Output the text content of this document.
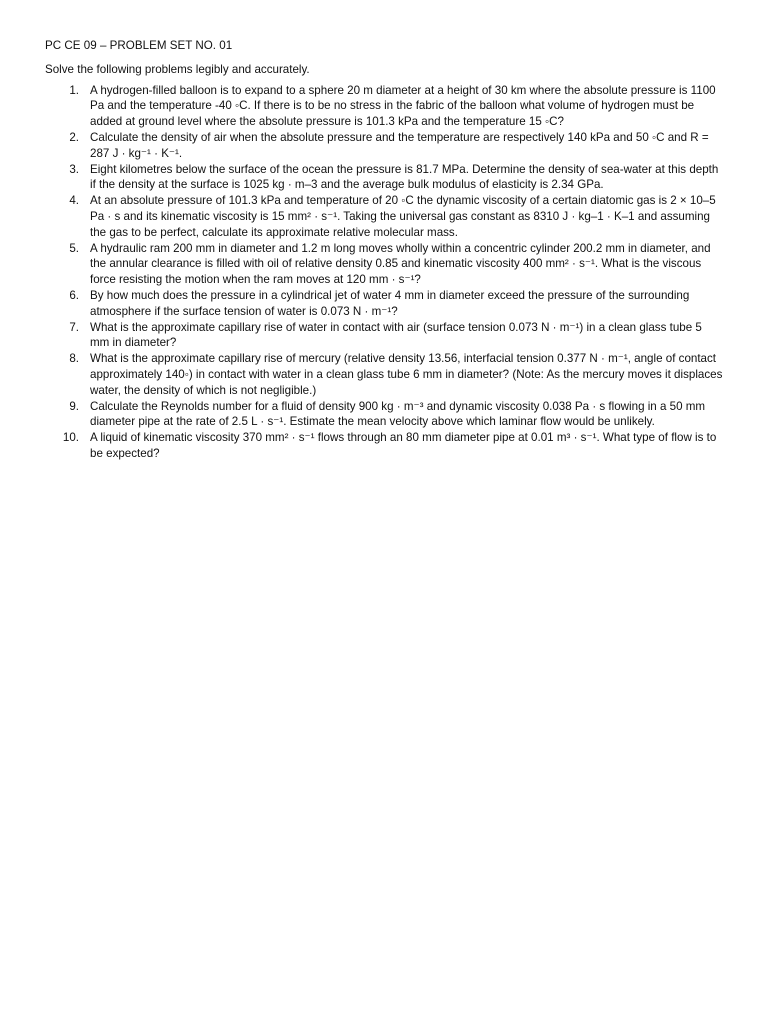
PC CE 09 – PROBLEM SET NO. 01

Solve the following problems legibly and accurately.

1. A hydrogen-filled balloon is to expand to a sphere 20 m diameter at a height of 30 km where the absolute pressure is 1100 Pa and the temperature -40 ◦C. If there is to be no stress in the fabric of the balloon what volume of hydrogen must be added at ground level where the absolute pressure is 101.3 kPa and the temperature 15 ◦C?
2. Calculate the density of air when the absolute pressure and the temperature are respectively 140 kPa and 50 ◦C and R = 287 J · kg⁻¹ · K⁻¹.
3. Eight kilometres below the surface of the ocean the pressure is 81.7 MPa. Determine the density of sea-water at this depth if the density at the surface is 1025 kg · m–3 and the average bulk modulus of elasticity is 2.34 GPa.
4. At an absolute pressure of 101.3 kPa and temperature of 20 ◦C the dynamic viscosity of a certain diatomic gas is 2 × 10–5 Pa · s and its kinematic viscosity is 15 mm² · s⁻¹. Taking the universal gas constant as 8310 J · kg–1 · K–1 and assuming the gas to be perfect, calculate its approximate relative molecular mass.
5. A hydraulic ram 200 mm in diameter and 1.2 m long moves wholly within a concentric cylinder 200.2 mm in diameter, and the annular clearance is filled with oil of relative density 0.85 and kinematic viscosity 400 mm² · s⁻¹. What is the viscous force resisting the motion when the ram moves at 120 mm · s⁻¹?
6. By how much does the pressure in a cylindrical jet of water 4 mm in diameter exceed the pressure of the surrounding atmosphere if the surface tension of water is 0.073 N · m⁻¹?
7. What is the approximate capillary rise of water in contact with air (surface tension 0.073 N · m⁻¹) in a clean glass tube 5 mm in diameter?
8. What is the approximate capillary rise of mercury (relative density 13.56, interfacial tension 0.377 N · m⁻¹, angle of contact approximately 140◦) in contact with water in a clean glass tube 6 mm in diameter? (Note: As the mercury moves it displaces water, the density of which is not negligible.)
9. Calculate the Reynolds number for a fluid of density 900 kg · m⁻³ and dynamic viscosity 0.038 Pa · s flowing in a 50 mm diameter pipe at the rate of 2.5 L · s⁻¹. Estimate the mean velocity above which laminar flow would be unlikely.
10. A liquid of kinematic viscosity 370 mm² · s⁻¹ flows through an 80 mm diameter pipe at 0.01 m³ · s⁻¹. What type of flow is to be expected?
